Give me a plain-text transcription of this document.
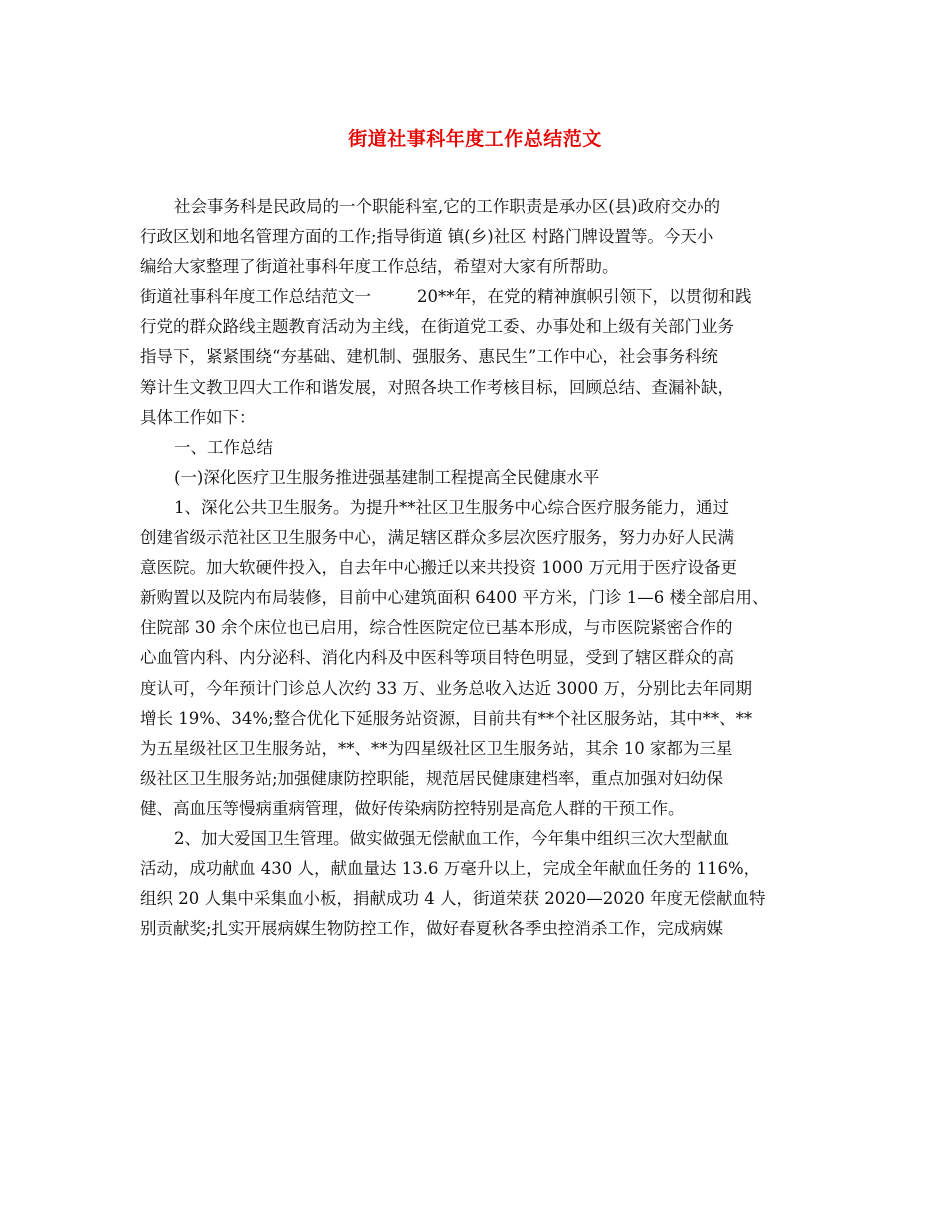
街道社事科年度工作总结范文
社会事务科是民政局的一个职能科室,它的工作职责是承办区(县)政府交办的
行政区划和地名管理方面的工作;指导街道 镇(乡)社区 村路门牌设置等。今天小
编给大家整理了街道社事科年度工作总结，希望对大家有所帮助。
街道社事科年度工作总结范文一	20**年，在党的精神旗帜引领下，以贯彻和践
行党的群众路线主题教育活动为主线，在街道党工委、办事处和上级有关部门业务
指导下，紧紧围绕“夯基础、建机制、强服务、惠民生”工作中心，社会事务科统
筹计生文教卫四大工作和谐发展，对照各块工作考核目标，回顾总结、查漏补缺，
具体工作如下：
一、工作总结
(一)深化医疗卫生服务推进强基建制工程提高全民健康水平
1、深化公共卫生服务。为提升**社区卫生服务中心综合医疗服务能力，通过
创建省级示范社区卫生服务中心，满足辖区群众多层次医疗服务，努力办好人民满
意医院。加大软硬件投入，自去年中心搬迁以来共投资 1000 万元用于医疗设备更
新购置以及院内布局装修，目前中心建筑面积 6400 平方米，门诊 1—6 楼全部启用、
住院部 30 余个床位也已启用，综合性医院定位已基本形成，与市医院紧密合作的
心血管内科、内分泌科、消化内科及中医科等项目特色明显，受到了辖区群众的高
度认可，今年预计门诊总人次约 33 万、业务总收入达近 3000 万，分别比去年同期
增长 19%、34%;整合优化下延服务站资源，目前共有**个社区服务站，其中**、**
为五星级社区卫生服务站，**、**为四星级社区卫生服务站，其余 10 家都为三星
级社区卫生服务站;加强健康防控职能，规范居民健康建档率，重点加强对妇幼保
健、高血压等慢病重病管理，做好传染病防控特别是高危人群的干预工作。
2、加大爱国卫生管理。做实做强无偿献血工作，今年集中组织三次大型献血
活动，成功献血 430 人，献血量达 13.6 万毫升以上，完成全年献血任务的 116%，
组织 20 人集中采集血小板，捐献成功 4 人，街道荣获 2020—2020 年度无偿献血特
别贡献奖;扎实开展病媒生物防控工作，做好春夏秋各季虫控消杀工作，完成病媒
